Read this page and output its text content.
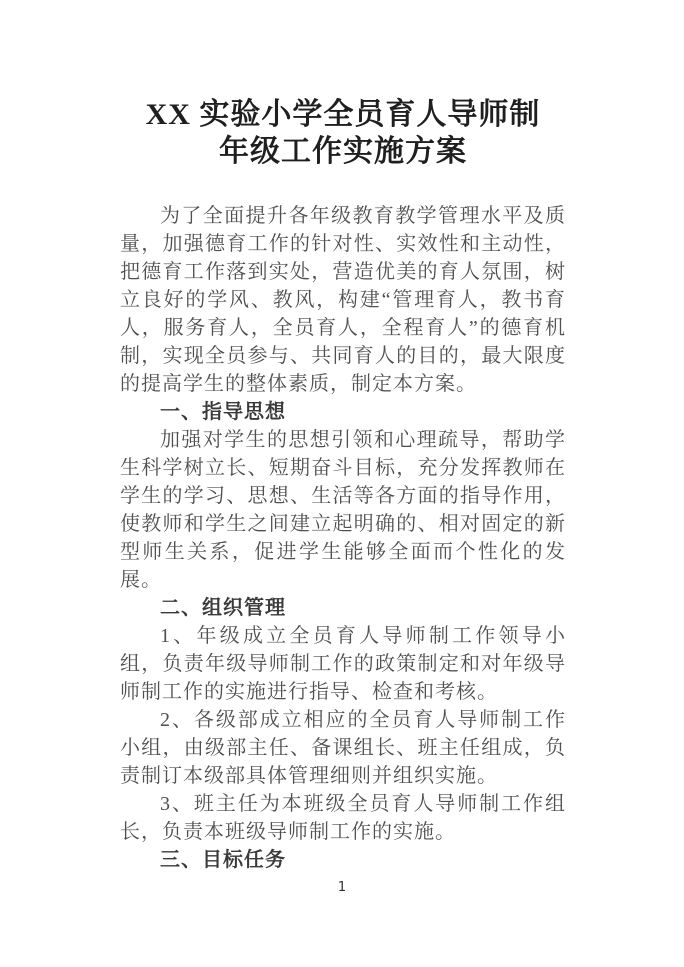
XX 实验小学全员育人导师制
年级工作实施方案

为了全面提升各年级教育教学管理水平及质量，加强德育工作的针对性、实效性和主动性，把德育工作落到实处，营造优美的育人氛围，树立良好的学风、教风，构建“管理育人，教书育人，服务育人，全员育人，全程育人”的德育机制，实现全员参与、共同育人的目的，最大限度的提高学生的整体素质，制定本方案。

一、指导思想

加强对学生的思想引领和心理疏导，帮助学生科学树立长、短期奋斗目标，充分发挥教师在学生的学习、思想、生活等各方面的指导作用，使教师和学生之间建立起明确的、相对固定的新型师生关系，促进学生能够全面而个性化的发展。

二、组织管理

1、年级成立全员育人导师制工作领导小组，负责年级导师制工作的政策制定和对年级导师制工作的实施进行指导、检查和考核。

2、各级部成立相应的全员育人导师制工作小组，由级部主任、备课组长、班主任组成，负责制订本级部具体管理细则并组织实施。

3、班主任为本班级全员育人导师制工作组长，负责本班级导师制工作的实施。

三、目标任务

1
